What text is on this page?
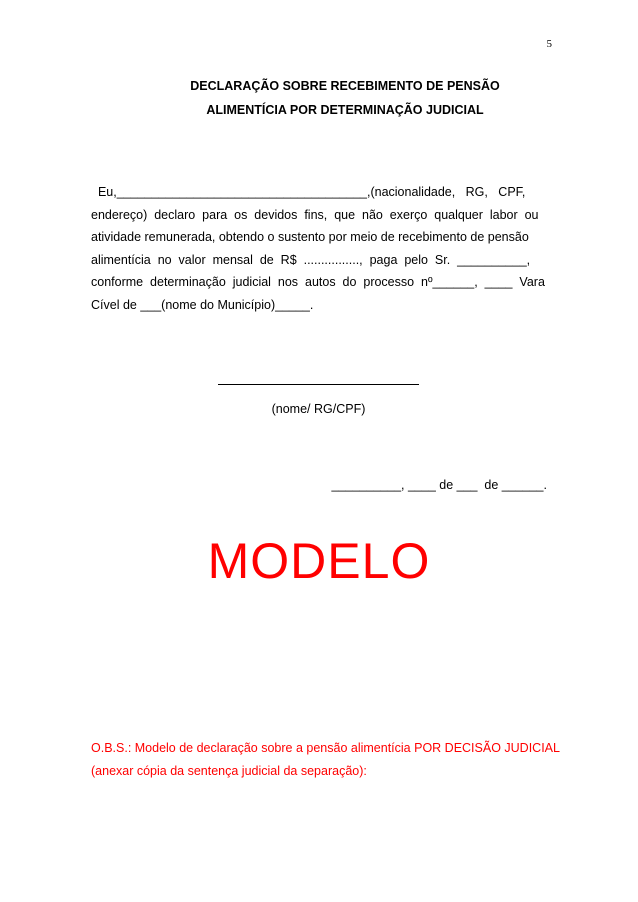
5
DECLARAÇÃO SOBRE RECEBIMENTO DE PENSÃO
ALIMENTÍCIA POR DETERMINAÇÃO JUDICIAL
Eu,____________________________________,(nacionalidade,   RG,   CPF,
endereço)  declaro  para  os  devidos  fins,  que  não  exerço  qualquer  labor  ou
atividade remunerada, obtendo o sustento por meio de recebimento de pensão
alimentícia  no  valor  mensal  de  R$  ................,  paga  pelo  Sr.  __________,
conforme  determinação  judicial  nos  autos  do  processo  nº______,  ____  Vara
Cível de ___(nome do Município)_____.
(nome/ RG/CPF)
__________, ____ de ___  de ______.
MODELO
O.B.S.: Modelo de declaração sobre a pensão alimentícia POR DECISÃO JUDICIAL
(anexar cópia da sentença judicial da separação):
